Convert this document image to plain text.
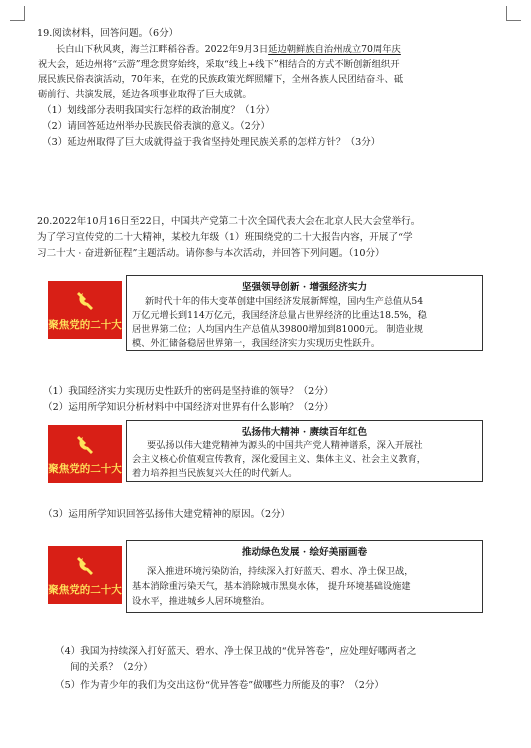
19.阅读材料，回答问题。（6分）
长白山下秋风爽，海兰江畔稻谷香。2022年9月3日延边朝鲜族自治州成立70周年庆
祝大会，延边州将“云游”理念贯穿始终，采取“线上+线下”相结合的方式不断创新组织开
展民族民俗表演活动，70年来，在党的民族政策光辉照耀下，全州各族人民团结奋斗、砥
砺前行、共演发展，延边各项事业取得了巨大成就。
（1）划线部分表明我国实行怎样的政治制度？（1分）
（2）请回答延边州举办民族民俗表演的意义。（2分）
（3）延边州取得了巨大成就得益于我省坚持处理民族关系的怎样方针？（3分）
20.2022年10月16日至22日，中国共产党第二十次全国代表大会在北京人民大会堂举行。
为了学习宣传党的二十大精神，某校九年级（1）班围绕党的二十大报告内容，开展了“学
习二十大 · 奋进新征程”主题活动。请你参与本次活动，并回答下列问题。（10分）
聚焦党的二十大
坚强领导创新 · 增强经济实力
新时代十年的伟大变革创建中国经济发展新辉煌，国内生产总值从54
万亿元增长到114万亿元，我国经济总量占世界经济的比重达18.5%，稳
居世界第二位；人均国内生产总值从39800增加到81000元。 制造业规
模、外汇储备稳居世界第一，我国经济实力实现历史性跃升。
（1）我国经济实力实现历史性跃升的密码是坚持谁的领导？（2分）
（2）运用所学知识分析材料中中国经济对世界有什么影响？（2分）
聚焦党的二十大
弘扬伟大精神 · 赓续百年红色
要弘扬以伟大建党精神为源头的中国共产党人精神谱系，深入开展社
会主义核心价值观宣传教育，深化爱国主义、集体主义、社会主义教育，
着力培养担当民族复兴大任的时代新人。
（3）运用所学知识回答弘扬伟大建党精神的原因。（2分）
聚焦党的二十大
推动绿色发展 · 绘好美丽画卷
深入推进环境污染防治，持续深入打好蓝天、碧水、净土保卫战，
基本消除重污染天气，基本消除城市黑臭水体， 提升环境基础设施建
设水平，推进城乡人居环境整治。
（4）我国为持续深入打好蓝天、碧水、净土保卫战的“优异答卷”，应处理好哪两者之
间的关系？（2分）
（5）作为青少年的我们为交出这份“优异答卷”做哪些力所能及的事？（2分）
